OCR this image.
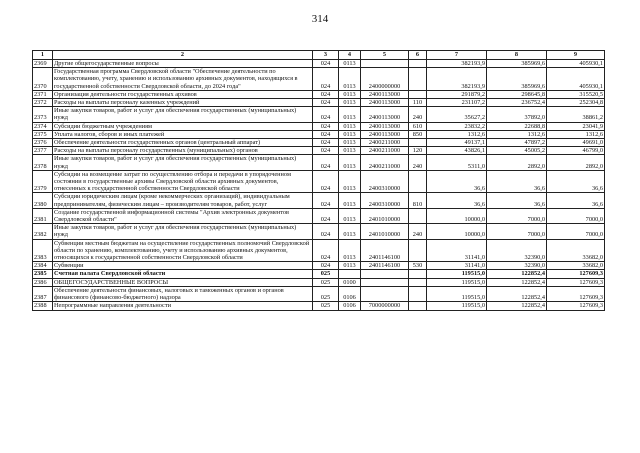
314
1	2	3	4	5	6	7	8	9
2369	Другие общегосударственные вопросы	024	0113			382193,9	385969,6	405930,1
2370	Государственная программа Свердловской области "Обеспечение деятельности по комплектованию, учету, хранению и использованию архивных документов, находящихся в государственной собственности Свердловской области, до 2024 года"	024	0113	2400000000		382193,9	385969,6	405930,1
2371	Организация деятельности государственных архивов	024	0113	2400113000		291879,2	298645,8	315520,5
2372	Расходы на выплаты персоналу казенных учреждений	024	0113	2400113000	110	231107,2	236752,4	252304,8
2373	Иные закупки товаров, работ и услуг для обеспечения государственных (муниципальных) нужд	024	0113	2400113000	240	35627,2	37892,0	38861,2
2374	Субсидии бюджетным учреждениям	024	0113	2400113000	610	23832,2	22688,8	23041,9
2375	Уплата налогов, сборов и иных платежей	024	0113	2400113000	850	1312,6	1312,6	1312,6
2376	Обеспечение деятельности государственных органов (центральный аппарат)	024	0113	2400211000		49137,1	47897,2	49691,0
2377	Расходы на выплаты персоналу государственных (муниципальных) органов	024	0113	2400211000	120	43826,1	45005,2	46799,0
2378	Иные закупки товаров, работ и услуг для обеспечения государственных (муниципальных) нужд	024	0113	2400211000	240	5311,0	2892,0	2892,0
2379	Субсидии на возмещение затрат по осуществлению отбора и передачи в упорядоченном состоянии в государственные архивы Свердловской области архивных документов, отнесенных к государственной собственности Свердловской области	024	0113	2400310000		36,6	36,6	36,6
2380	Субсидии юридическим лицам (кроме некоммерческих организаций), индивидуальным предпринимателям, физическим лицам – производителям товаров, работ, услуг	024	0113	2400310000	810	36,6	36,6	36,6
2381	Создание государственной информационной системы "Архив электронных документов Свердловской области"	024	0113	2401010000		10000,0	7000,0	7000,0
2382	Иные закупки товаров, работ и услуг для обеспечения государственных (муниципальных) нужд	024	0113	2401010000	240	10000,0	7000,0	7000,0
2383	Субвенции местным бюджетам на осуществление государственных полномочий Свердловской области по хранению, комплектованию, учету и использованию архивных документов, относящихся к государственной собственности Свердловской области	024	0113	2401146100		31141,0	32390,0	33682,0
2384	Субвенции	024	0113	2401146100	530	31141,0	32390,0	33682,0
2385	Счетная палата Свердловской области	025				119515,0	122852,4	127609,3
2386	ОБЩЕГОСУДАРСТВЕННЫЕ ВОПРОСЫ	025	0100			119515,0	122852,4	127609,3
2387	Обеспечение деятельности финансовых, налоговых и таможенных органов и органов финансового (финансово-бюджетного) надзора	025	0106			119515,0	122852,4	127609,3
2388	Непрограммные направления деятельности	025	0106	7000000000		119515,0	122852,4	127609,3
